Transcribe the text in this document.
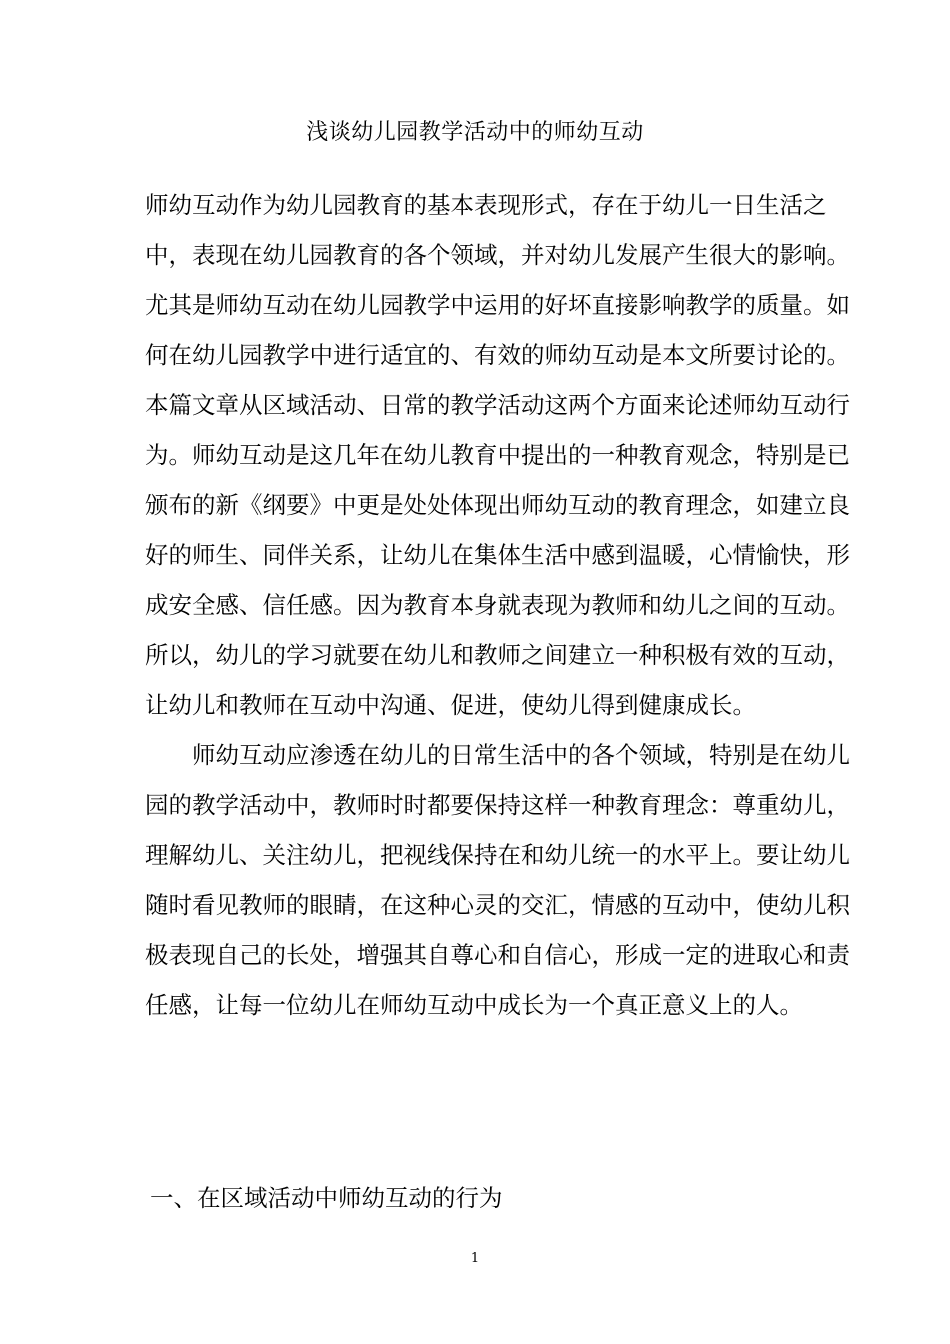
浅谈幼儿园教学活动中的师幼互动
师幼互动作为幼儿园教育的基本表现形式，存在于幼儿一日生活之
中，表现在幼儿园教育的各个领域，并对幼儿发展产生很大的影响。
尤其是师幼互动在幼儿园教学中运用的好坏直接影响教学的质量。如
何在幼儿园教学中进行适宜的、有效的师幼互动是本文所要讨论的。
本篇文章从区域活动、日常的教学活动这两个方面来论述师幼互动行
为。师幼互动是这几年在幼儿教育中提出的一种教育观念，特别是已
颁布的新《纲要》中更是处处体现出师幼互动的教育理念，如建立良
好的师生、同伴关系，让幼儿在集体生活中感到温暖，心情愉快，形
成安全感、信任感。因为教育本身就表现为教师和幼儿之间的互动。
所以，幼儿的学习就要在幼儿和教师之间建立一种积极有效的互动，
让幼儿和教师在互动中沟通、促进，使幼儿得到健康成长。
　　师幼互动应渗透在幼儿的日常生活中的各个领域，特别是在幼儿
园的教学活动中，教师时时都要保持这样一种教育理念：尊重幼儿，
理解幼儿、关注幼儿，把视线保持在和幼儿统一的水平上。要让幼儿
随时看见教师的眼睛，在这种心灵的交汇，情感的互动中，使幼儿积
极表现自己的长处，增强其自尊心和自信心，形成一定的进取心和责
任感，让每一位幼儿在师幼互动中成长为一个真正意义上的人。
一、在区域活动中师幼互动的行为
1
